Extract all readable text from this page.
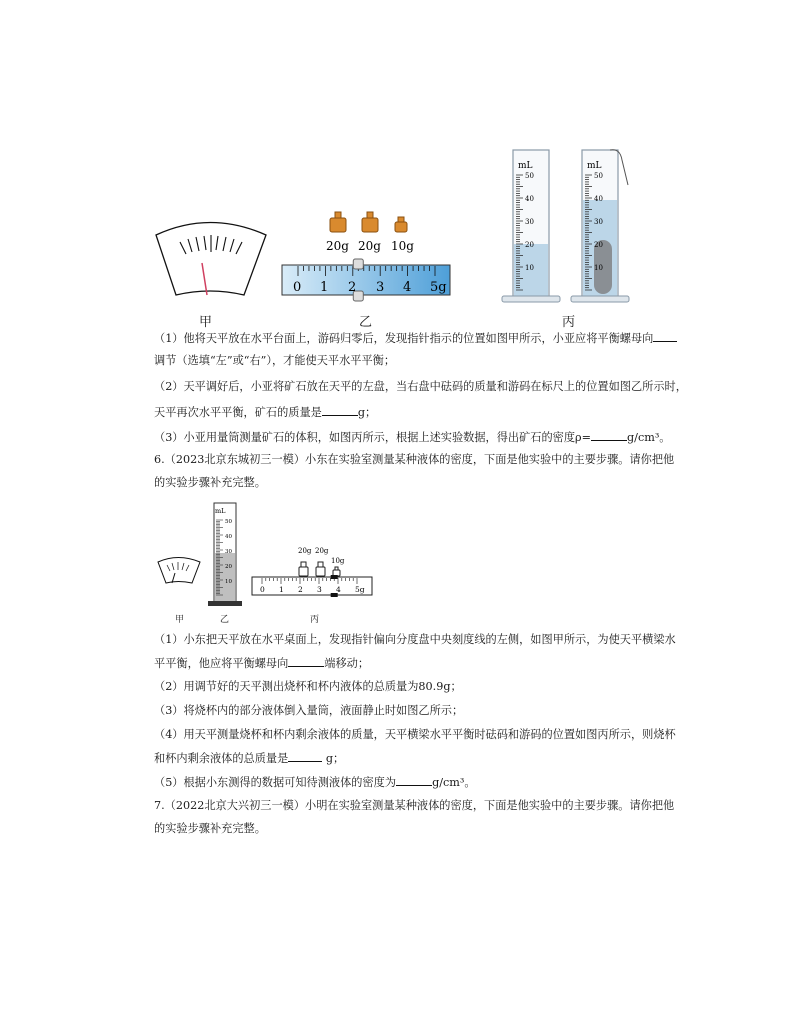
20g 20g 10g
0 1 2 3 4 5g
mL	mL
50
40
30
20
10
50
40
30
20
10
甲	乙	丙
（1）他将天平放在水平台面上，游码归零后，发现指针指示的位置如图甲所示，小亚应将平衡螺母向
调节（选填“左”或“右”），才能使天平水平平衡；
（2）天平调好后，小亚将矿石放在天平的左盘，当右盘中砝码的质量和游码在标尺上的位置如图乙所示时，
天平再次水平平衡，矿石的质量是	g；
（3）小亚用量筒测量矿石的体积，如图丙所示，根据上述实验数据，得出矿石的密度ρ=	g/cm³。
6.（2023北京东城初三一模）小东在实验室测量某种液体的密度，下面是他实验中的主要步骤。请你把他
的实验步骤补充完整。
mL
50
40
30
20
10
20g 20g
10g
0 1 2 3 4 5g
甲	乙	丙
（1）小东把天平放在水平桌面上，发现指针偏向分度盘中央刻度线的左侧，如图甲所示，为使天平横梁水
平平衡，他应将平衡螺母向	端移动；
（2）用调节好的天平测出烧杯和杯内液体的总质量为80.9g；
（3）将烧杯内的部分液体倒入量筒，液面静止时如图乙所示；
（4）用天平测量烧杯和杯内剩余液体的质量，天平横梁水平平衡时砝码和游码的位置如图丙所示，则烧杯
和杯内剩余液体的总质量是	g；
（5）根据小东测得的数据可知待测液体的密度为	g/cm³。
7.（2022北京大兴初三一模）小明在实验室测量某种液体的密度，下面是他实验中的主要步骤。请你把他
的实验步骤补充完整。
